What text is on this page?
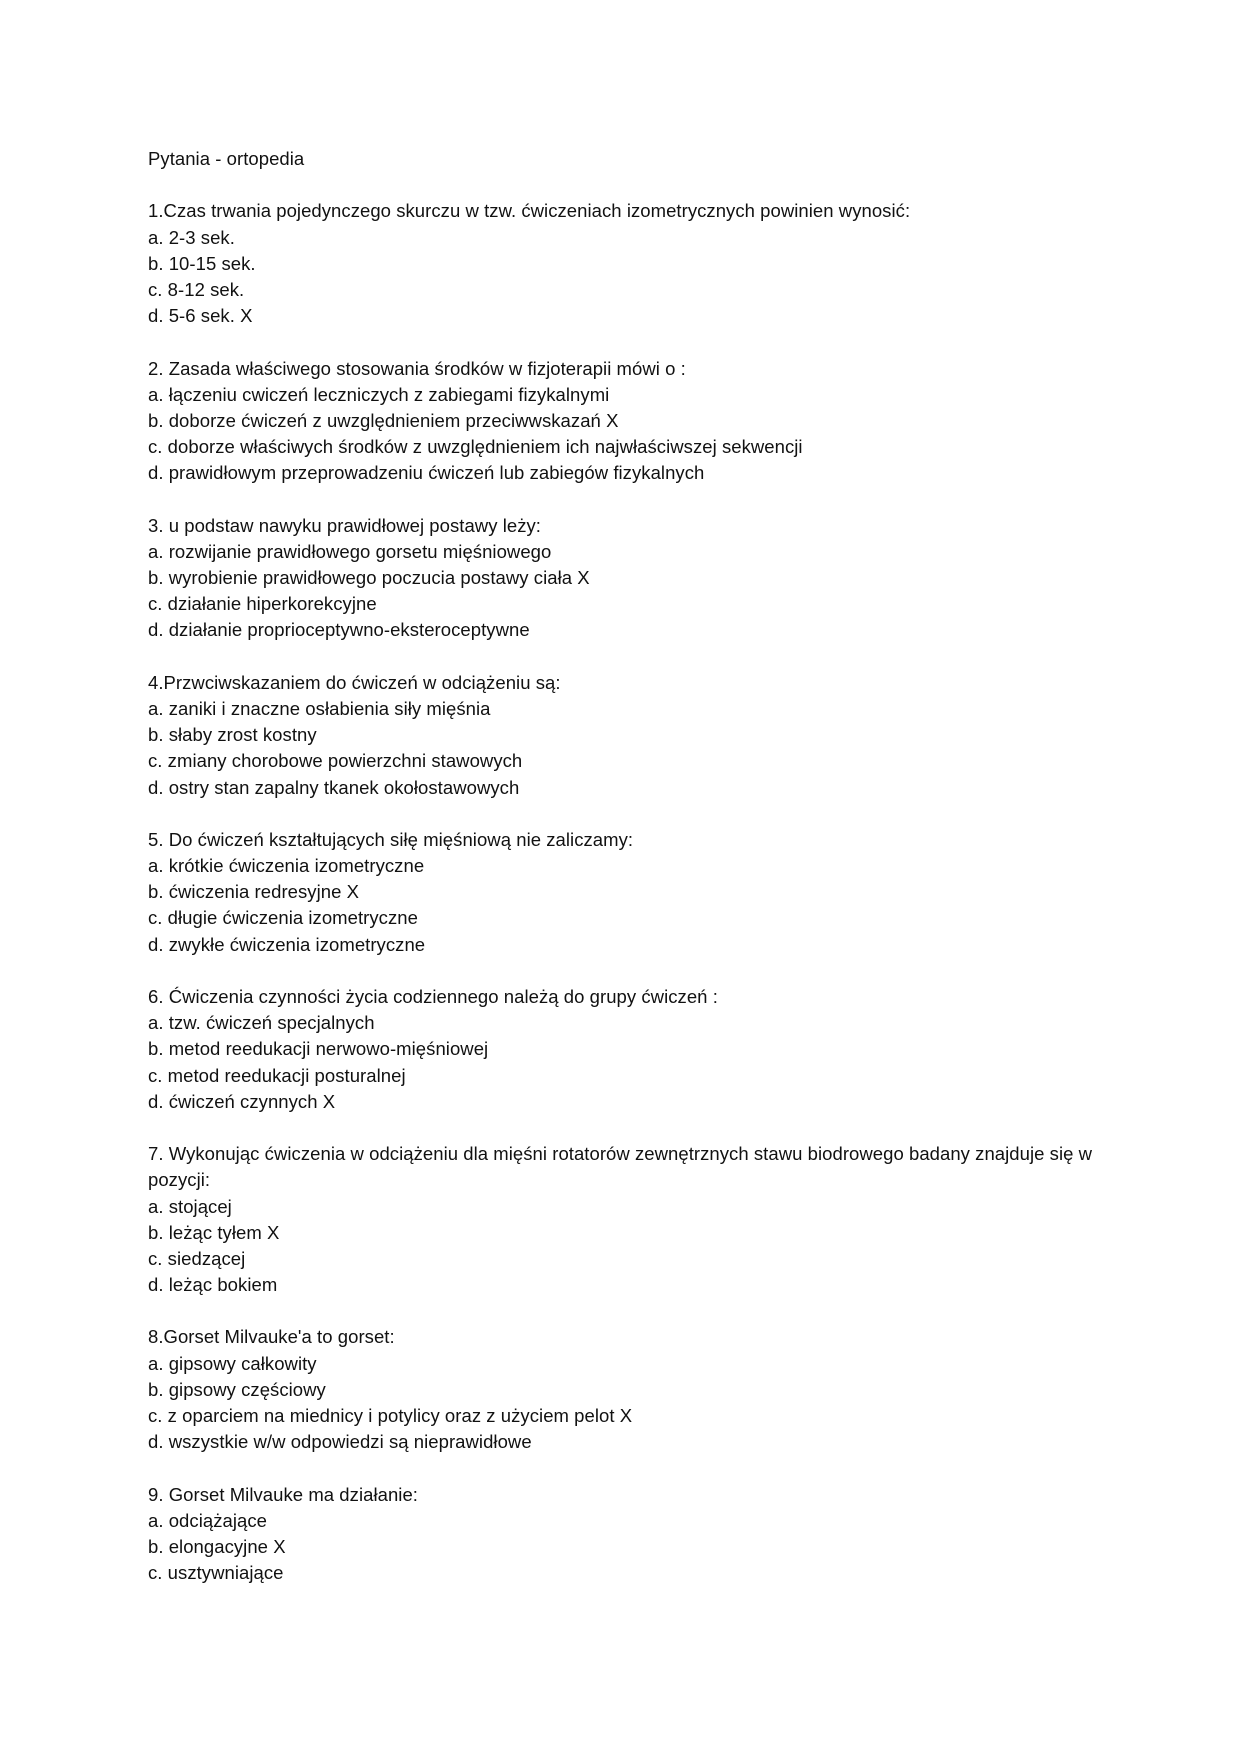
Pytania - ortopedia
1.Czas trwania pojedynczego skurczu w tzw. ćwiczeniach izometrycznych powinien wynosić:
a. 2-3 sek.
b. 10-15 sek.
c. 8-12 sek.
d. 5-6 sek. X
2. Zasada właściwego stosowania środków w fizjoterapii mówi o :
a. łączeniu cwiczeń leczniczych z zabiegami fizykalnymi
b. doborze ćwiczeń z uwzględnieniem przeciwwskazań X
c. doborze właściwych środków z uwzględnieniem ich najwłaściwszej sekwencji
d. prawidłowym przeprowadzeniu ćwiczeń lub zabiegów fizykalnych
3. u podstaw nawyku prawidłowej postawy leży:
a. rozwijanie prawidłowego gorsetu mięśniowego
b. wyrobienie prawidłowego poczucia postawy ciała X
c. działanie hiperkorekcyjne
d. działanie proprioceptywno-eksteroceptywne
4.Przwciwskazaniem do ćwiczeń w odciążeniu są:
a. zaniki i znaczne osłabienia siły mięśnia
b. słaby zrost kostny
c. zmiany chorobowe powierzchni stawowych
d. ostry stan zapalny tkanek okołostawowych
5. Do ćwiczeń kształtujących siłę mięśniową nie zaliczamy:
a. krótkie ćwiczenia izometryczne
b. ćwiczenia redresyjne X
c. długie ćwiczenia izometryczne
d. zwykłe ćwiczenia izometryczne
6. Ćwiczenia czynności życia codziennego należą do grupy ćwiczeń :
a. tzw. ćwiczeń specjalnych
b. metod reedukacji nerwowo-mięśniowej
c. metod reedukacji posturalnej
d. ćwiczeń czynnych X
7. Wykonując ćwiczenia w odciążeniu dla mięśni rotatorów zewnętrznych stawu biodrowego badany znajduje się w pozycji:
a. stojącej
b. leżąc tyłem X
c. siedzącej
d. leżąc bokiem
8.Gorset Milvauke'a to gorset:
a. gipsowy całkowity
b. gipsowy częściowy
c. z oparciem na miednicy i potylicy oraz z użyciem pelot X
d. wszystkie w/w odpowiedzi są nieprawidłowe
9. Gorset Milvauke ma działanie:
a. odciążające
b. elongacyjne X
c. usztywniające
